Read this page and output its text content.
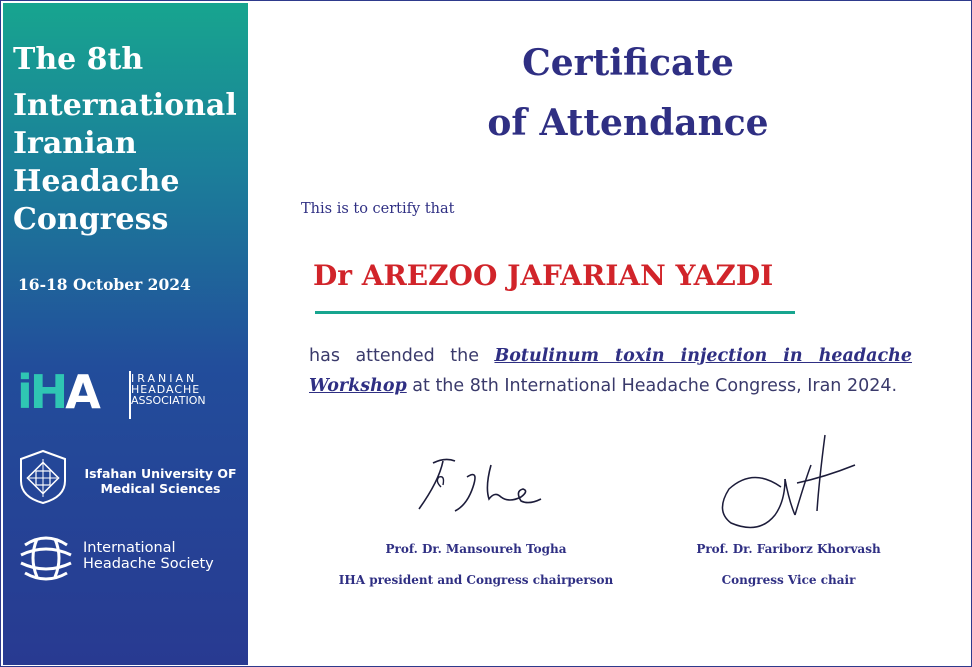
The 8th
International
Iranian
Headache
Congress
16-18 October 2024
iHA	IRANIAN
HEADACHE
ASSOCIATION
Isfahan University OF
Medical Sciences
International
Headache Society
Certificate
of Attendance
This is to certify that
Dr AREZOO JAFARIAN YAZDI
has attended the Botulinum toxin injection in headache Workshop at the 8th International Headache Congress, Iran 2024.
Prof. Dr. Mansoureh Togha
IHA president and Congress chairperson
Prof. Dr. Fariborz Khorvash
Congress Vice chair
